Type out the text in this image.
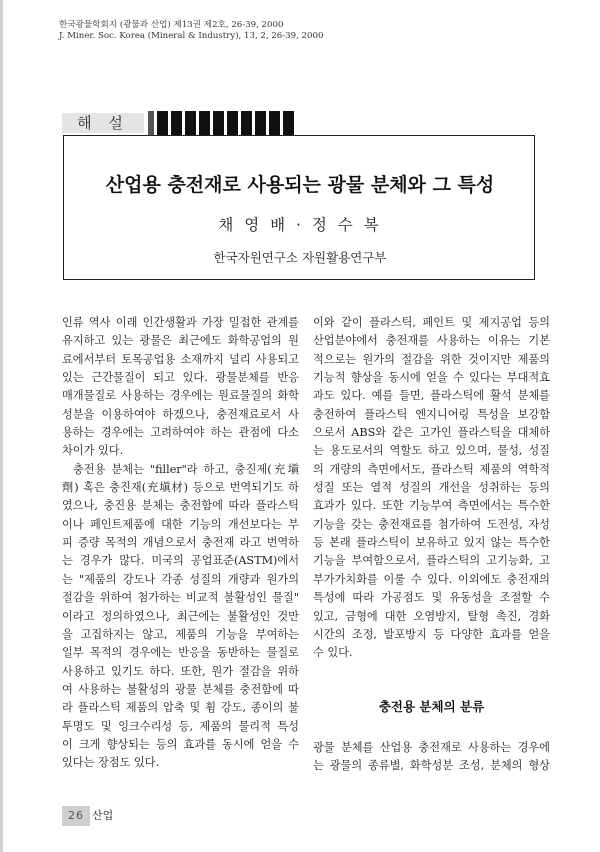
한국광물학회지 (광물과 산업) 제13권 제2호, 26-39, 2000
J. Miner. Soc. Korea (Mineral & Industry), 13, 2, 26-39, 2000
해 설
산업용 충전재로 사용되는 광물 분체와 그 특성
채 영 배 · 정 수 복
한국자원연구소 자원활용연구부
인류 역사 이래 인간생활과 가장 밀접한 관계를
유지하고 있는 광물은 최근에도 화학공업의 원
료에서부터 토목공업용 소재까지 널리 사용되고
있는 근간물질이 되고 있다. 광물분체를 반응
매개물질로 사용하는 경우에는 원료물질의 화학
성분을 이용하여야 하겠으나, 충전재료로서 사
용하는 경우에는 고려하여야 하는 관점에 다소
차이가 있다.
충전용 분체는 "filler"라 하고, 충진제(充塡
劑) 혹은 충진재(充塡材) 등으로 번역되기도 하
였으나, 충진용 분체는 충전함에 따라 플라스틱
이나 페인트제품에 대한 기능의 개선보다는 부
피 증량 목적의 개념으로서 충전재 라고 번역하
는 경우가 많다. 미국의 공업표준(ASTM)에서
는 "제품의 강도나 각종 성질의 개량과 원가의
절감을 위하여 첨가하는 비교적 불활성인 물질"
이라고 정의하였으나, 최근에는 불활성인 것만
을 고집하지는 않고, 제품의 기능을 부여하는
일부 목적의 경우에는 반응을 동반하는 물질로
사용하고 있기도 하다. 또한, 원가 절감을 위하
여 사용하는 불활성의 광물 분체를 충전함에 따
라 플라스틱 제품의 압축 및 휨 강도, 종이의 불
투명도 및 잉크수리성 등, 제품의 물리적 특성
이 크게 향상되는 등의 효과를 동시에 얻을 수
있다는 장점도 있다.
이와 같이 플라스틱, 페인트 및 제지공업 등의
산업분야에서 충전재를 사용하는 이유는 기본
적으로는 원가의 절감을 위한 것이지만 제품의
기능적 향상을 동시에 얻을 수 있다는 부대적효
과도 있다. 예를 들면, 플라스틱에 활석 분체를
충전하여 플라스틱 엔지니어링 특성을 보강함
으로서 ABS와 같은 고가인 플라스틱을 대체하
는 용도로서의 역할도 하고 있으며, 물성, 성질
의 개량의 측면에서도, 플라스틱 제품의 역학적
성질 또는 열적 성질의 개선을 성취하는 등의
효과가 있다. 또한 기능부여 측면에서는 특수한
기능을 갖는 충전재료를 첨가하여 도전성, 자성
등 본래 플라스틱이 보유하고 있지 않는 특수한
기능을 부여함으로서, 플라스틱의 고기능화, 고
부가가치화를 이룰 수 있다. 이외에도 충전재의
특성에 따라 가공점도 및 유동성을 조절할 수
있고, 금형에 대한 오염방지, 탈형 촉진, 경화
시간의 조정, 발포방지 등 다양한 효과를 얻을
수 있다.
충전용 분체의 분류
광물 분체를 산업용 충전재로 사용하는 경우에
는 광물의 종류별, 화학성분 조성, 분체의 형상
26 산업
